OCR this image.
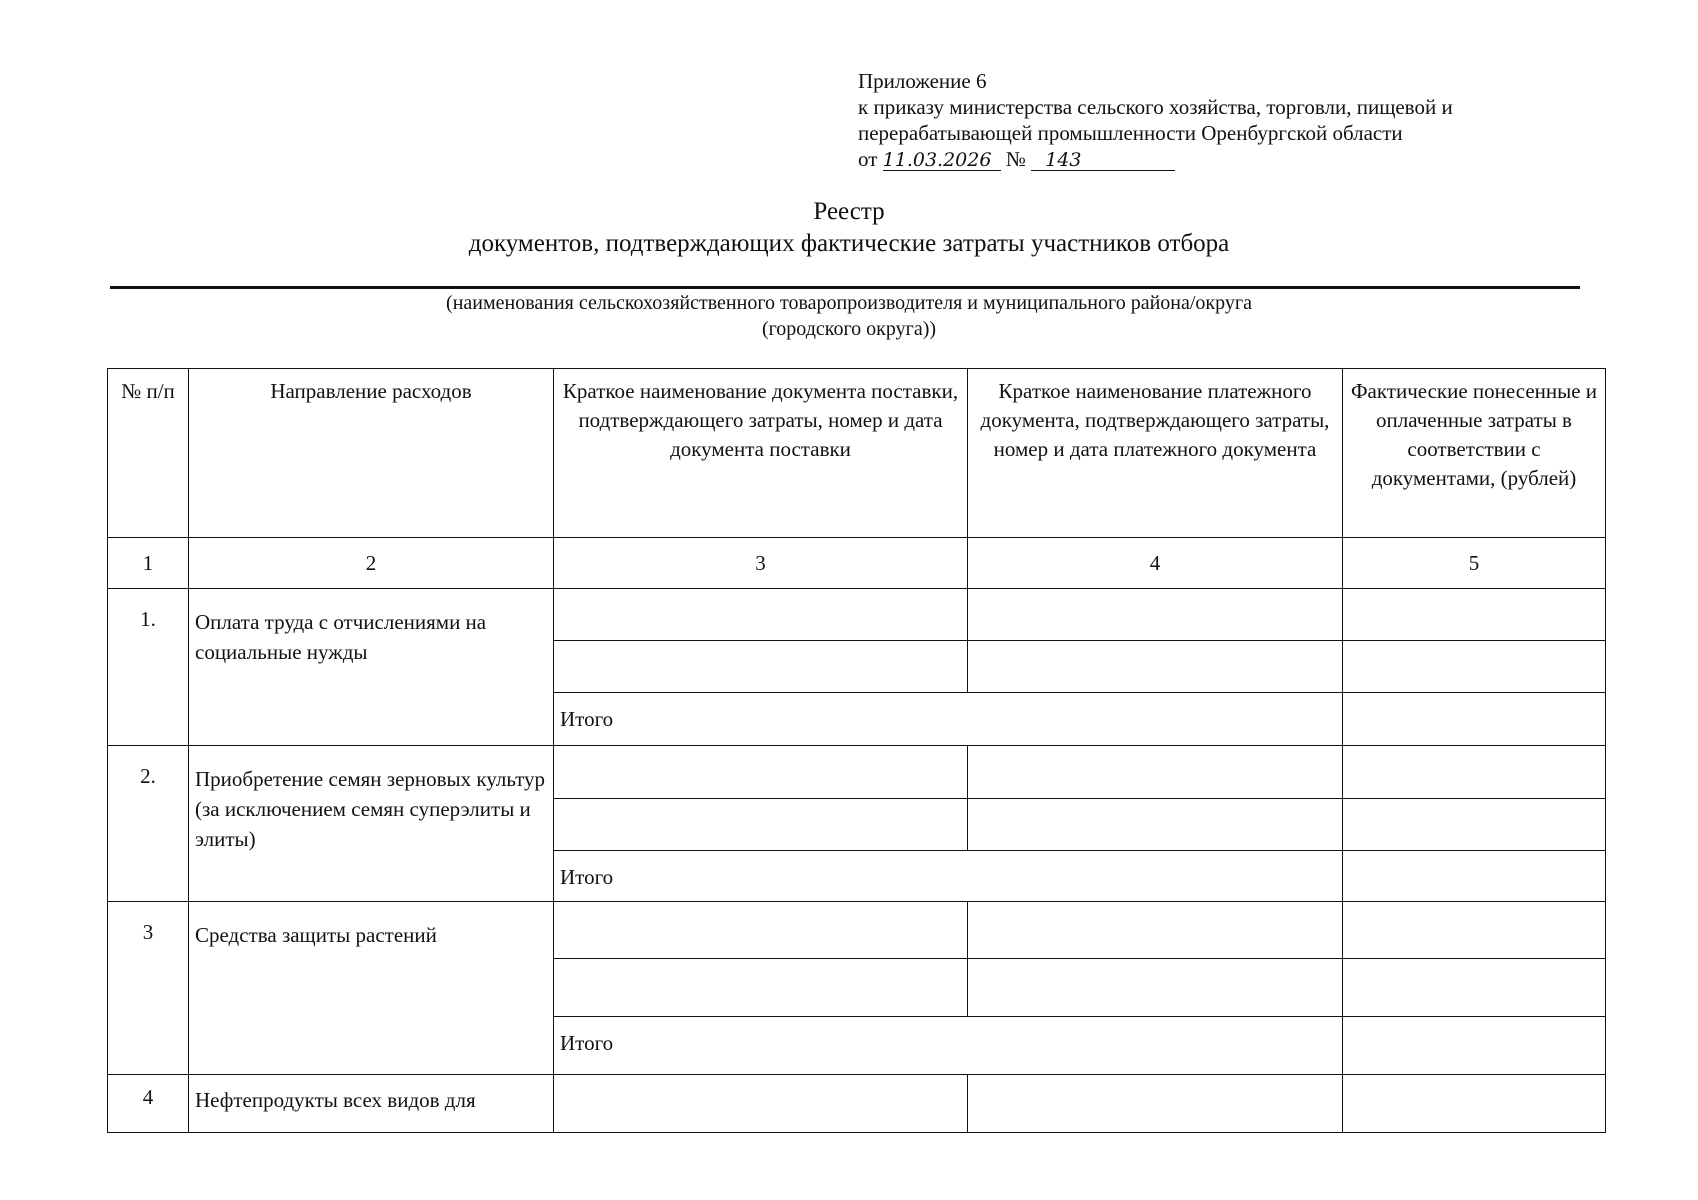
Приложение 6
к приказу министерства сельского хозяйства, торговли, пищевой и
перерабатывающей промышленности Оренбургской области
от 11.03.2026 № 143
Реестр
документов, подтверждающих фактические затраты участников отбора
(наименования сельскохозяйственного товаропроизводителя и муниципального района/округа
(городского округа))
№ п/п	Направление расходов	Краткое наименование документа поставки, подтверждающего затраты, номер и дата документа поставки	Краткое наименование платежного документа, подтверждающего затраты, номер и дата платежного документа	Фактические понесенные и оплаченные затраты в соответствии с документами, (рублей)
1	2	3	4	5
1.	Оплата труда с отчислениями на социальные нужды			

		Итого		
2.	Приобретение семян зерновых культур (за исключением семян суперэлиты и элиты)			

		Итого		
3	Средства защиты растений			

		Итого		
4	Нефтепродукты всех видов для			
